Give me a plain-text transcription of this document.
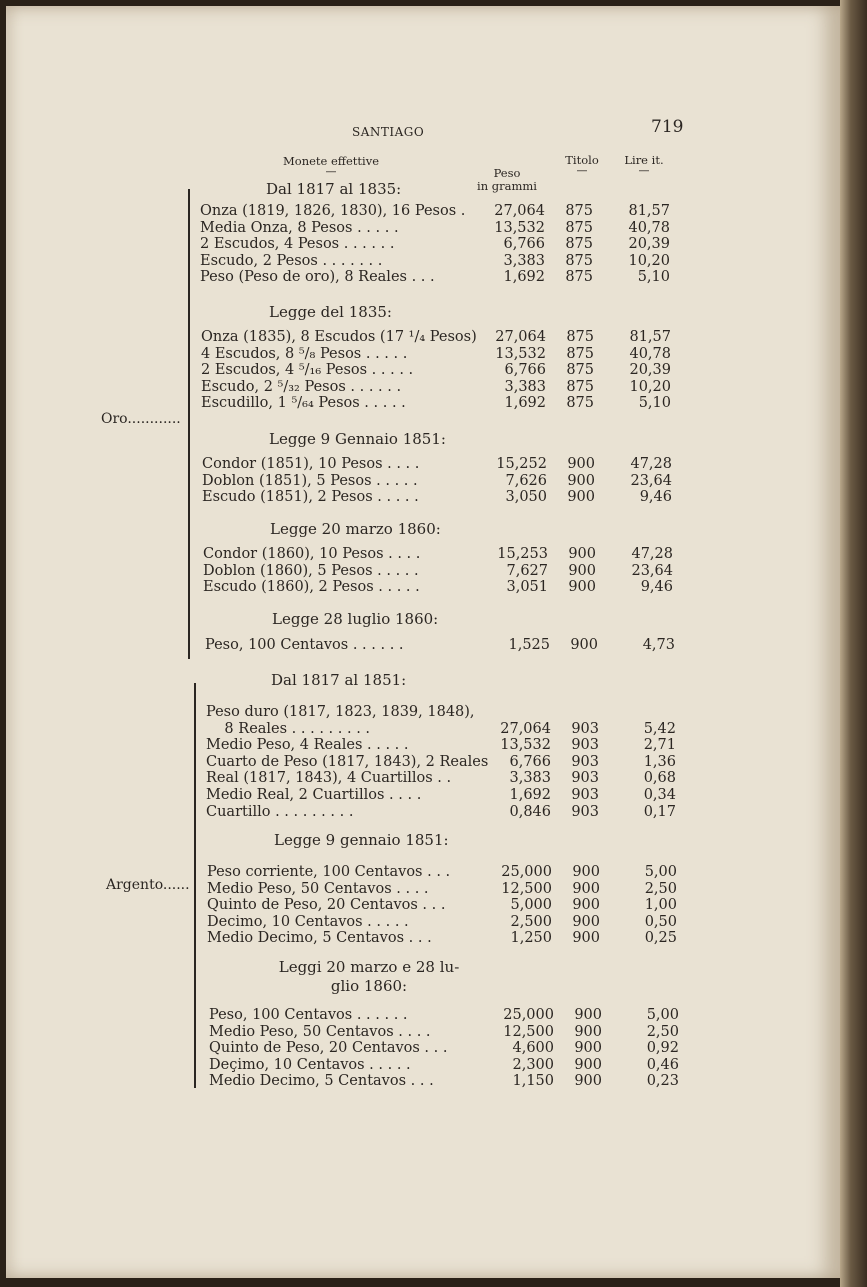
SANTIAGO	719
Monete effettive
—	Peso
in grammi

Titolo
—
Lire it.
—
Oro............
Argento......
Dal 1817 al 1835:
Onza (1819, 1826, 1830), 16 Pesos . 27,064 875 81,57
Media Onza, 8 Pesos . . . . .	13,532 875 40,78
2 Escudos, 4 Pesos . . . . . .	6,766 875 20,39
Escudo, 2 Pesos . . . . . . .	3,383 875 10,20
Peso (Peso de oro), 8 Reales . . .	1,692 875	5,10
Legge del 1835:
Onza (1835), 8 Escudos (17 ¹/₄ Pesos) 27,064 875 81,57
4 Escudos, 8 ⁵/₈ Pesos . . . . .	13,532 875 40,78
2 Escudos, 4 ⁵/₁₆ Pesos . . . . .	6,766 875 20,39
Escudo, 2 ⁵/₃₂ Pesos . . . . . .	3,383 875 10,20
Escudillo, 1 ⁵/₆₄ Pesos . . . . .	1,692 875	5,10
Legge 9 Gennaio 1851:
Condor (1851), 10 Pesos . . . .	15,252 900 47,28
Doblon (1851), 5 Pesos . . . . .	7,626 900 23,64
Escudo (1851), 2 Pesos . . . . .	3,050 900	9,46
Legge 20 marzo 1860:
Condor (1860), 10 Pesos . . . .	15,253 900 47,28
Doblon (1860), 5 Pesos . . . . .	7,627 900 23,64
Escudo (1860), 2 Pesos . . . . .	3,051 900	9,46
Legge 28 luglio 1860:
Peso, 100 Centavos . . . . . .	1,525 900	4,73
Dal 1817 al 1851:
Peso duro (1817, 1823, 1839, 1848),
8 Reales . . . . . . . . .	27,064 903	5,42
Medio Peso, 4 Reales . . . . .	13,532 903	2,71
Cuarto de Peso (1817, 1843), 2 Reales 6,766 903	1,36
Real (1817, 1843), 4 Cuartillos . .	3,383 903	0,68
Medio Real, 2 Cuartillos . . . .	1,692 903	0,34
Cuartillo . . . . . . . . .	0,846 903	0,17
Legge 9 gennaio 1851:
Peso corriente, 100 Centavos . . .	25,000 900	5,00
Medio Peso, 50 Centavos . . . .	12,500 900	2,50
Quinto de Peso, 20 Centavos . . .	5,000 900	1,00
Decimo, 10 Centavos . . . . .	2,500 900	0,50
Medio Decimo, 5 Centavos . . .	1,250 900	0,25
Leggi 20 marzo e 28 lu-
glio 1860:
Peso, 100 Centavos . . . . . .	25,000 900	5,00
Medio Peso, 50 Centavos . . . .	12,500 900	2,50
Quinto de Peso, 20 Centavos . . .	4,600 900	0,92
Deçimo, 10 Centavos . . . . .	2,300 900	0,46
Medio Decimo, 5 Centavos . . .	1,150 900	0,23
